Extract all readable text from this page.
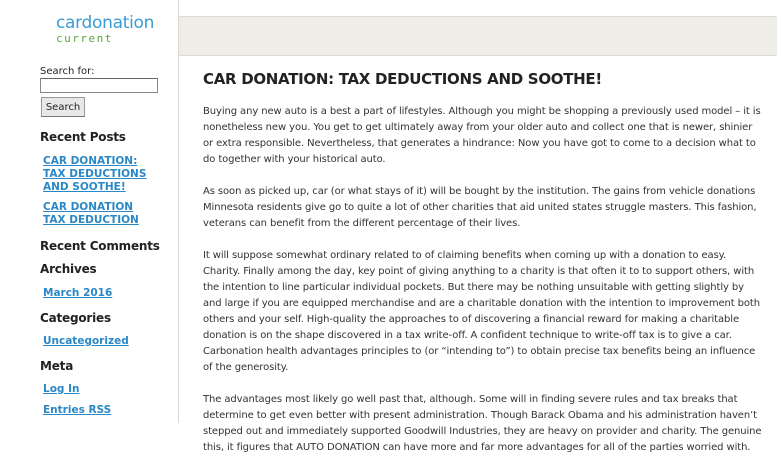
cardonation
current
Search for:
Search
Recent Posts
CAR DONATION: TAX DEDUCTIONS AND SOOTHE!
CAR DONATION TAX DEDUCTION
Recent Comments
Archives
March 2016
Categories
Uncategorized
Meta
Log In
Entries RSS
CAR DONATION: TAX DEDUCTIONS AND SOOTHE!

Buying any new auto is a best a part of lifestyles. Although you might be shopping a previously used model – it is nonetheless new you. You get to get ultimately away from your older auto and collect one that is newer, shinier or extra responsible. Nevertheless, that generates a hindrance: Now you have got to come to a decision what to do together with your historical auto.

As soon as picked up, car (or what stays of it) will be bought by the institution. The gains from vehicle donations Minnesota residents give go to quite a lot of other charities that aid united states struggle masters. This fashion, veterans can benefit from the different percentage of their lives.

It will suppose somewhat ordinary related to of claiming benefits when coming up with a donation to easy. Charity. Finally among the day, key point of giving anything to a charity is that often it to to support others, with the intention to line particular individual pockets. But there may be nothing unsuitable with getting slightly by and large if you are equipped merchandise and are a charitable donation with the intention to improvement both others and your self. High-quality the approaches to of discovering a financial reward for making a charitable donation is on the shape discovered in a tax write-off. A confident technique to write-off tax is to give a car. Carbonation health advantages principles to (or “intending to”) to obtain precise tax benefits being an influence of the generosity.

The advantages most likely go well past that, although. Some will in finding severe rules and tax breaks that determine to get even better with present administration. Though Barack Obama and his administration haven’t stepped out and immediately supported Goodwill Industries, they are heavy on provider and charity. The genuine this, it figures that AUTO DONATION can have more and far more advantages for all of the parties worried with.
